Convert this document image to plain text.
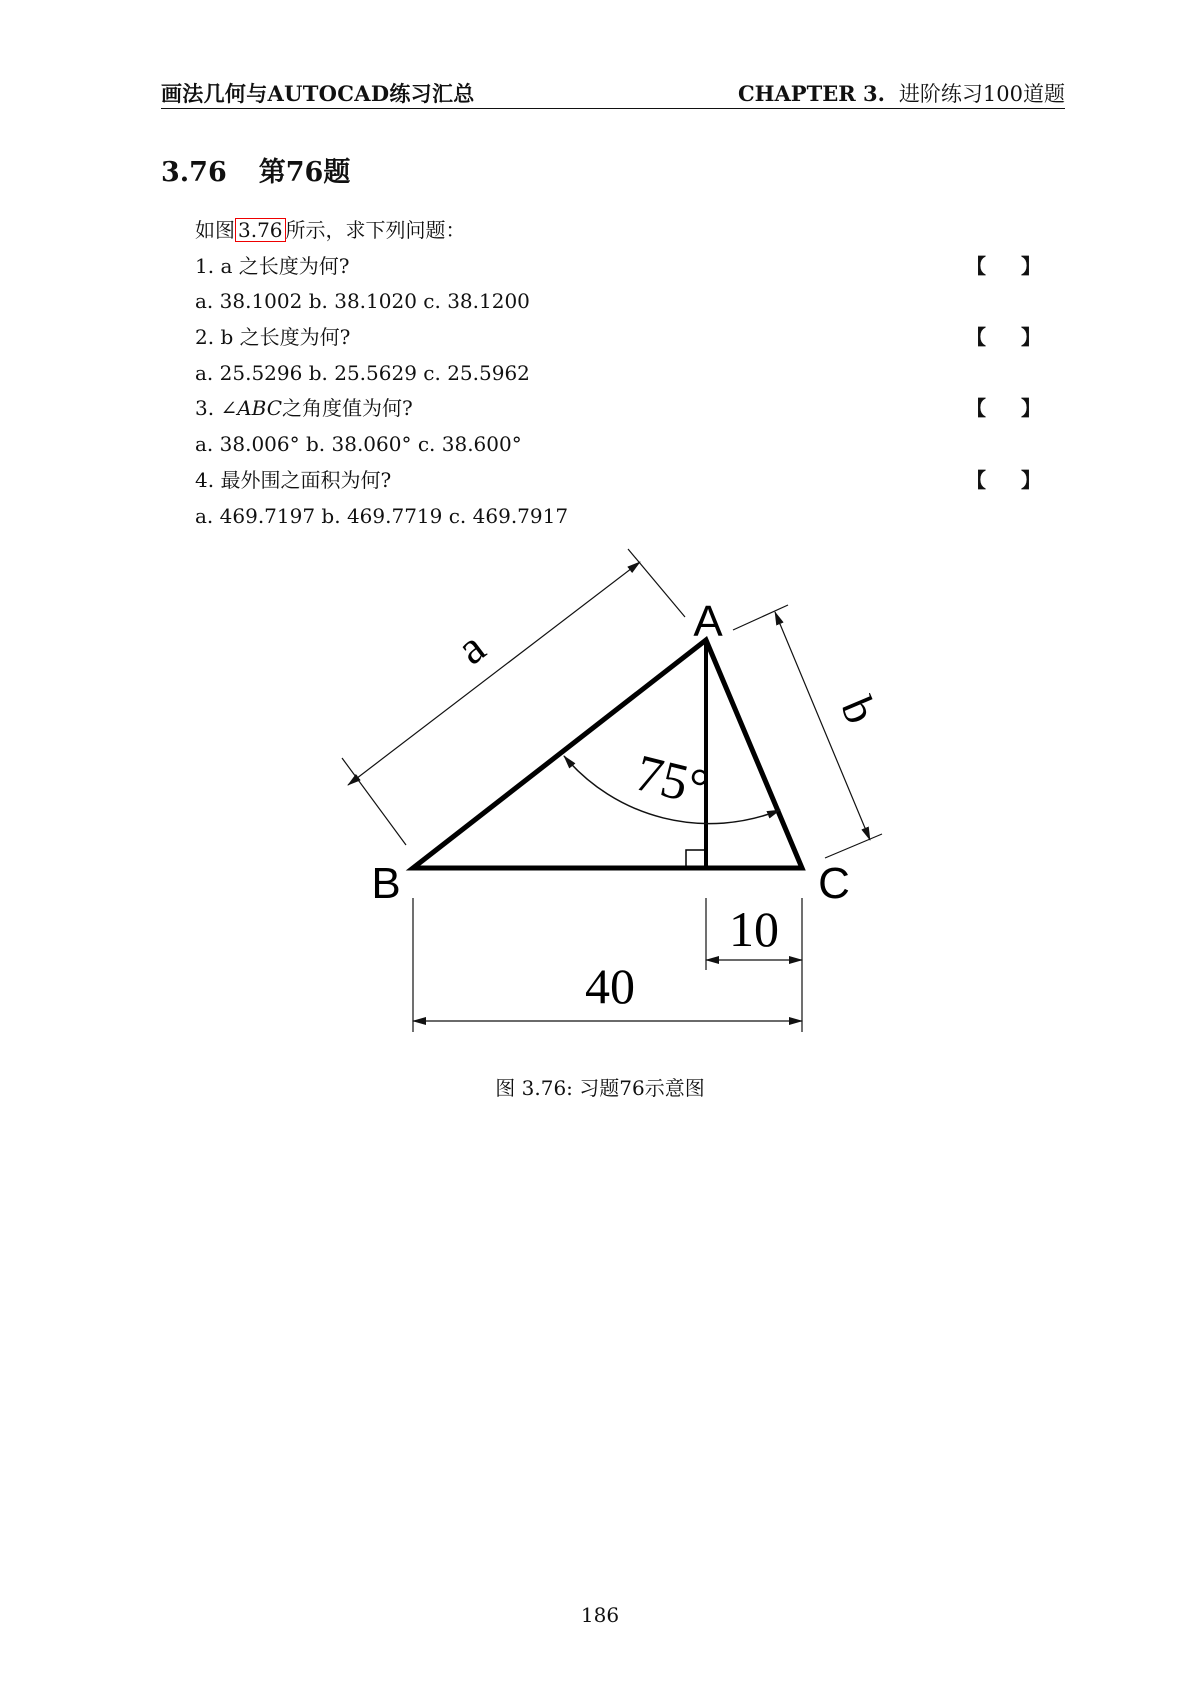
画法几何与AUTOCAD练习汇总	CHAPTER 3. 进阶练习100道题
3.76 第76题
如图 3.76 所示，求下列问题：
1. a 之长度为何?	【 】
a. 38.1002 b. 38.1020 c. 38.1200
2. b 之长度为何?	【 】
a. 25.5296 b. 25.5629 c. 25.5962
3. ∠ABC之角度值为何?	【 】
a. 38.006° b. 38.060° c. 38.600°
4. 最外围之面积为何?	【 】
a. 469.7197 b. 469.7719 c. 469.7917
A
B	C
a
b
75°
40
10
图 3.76: 习题76示意图
186
